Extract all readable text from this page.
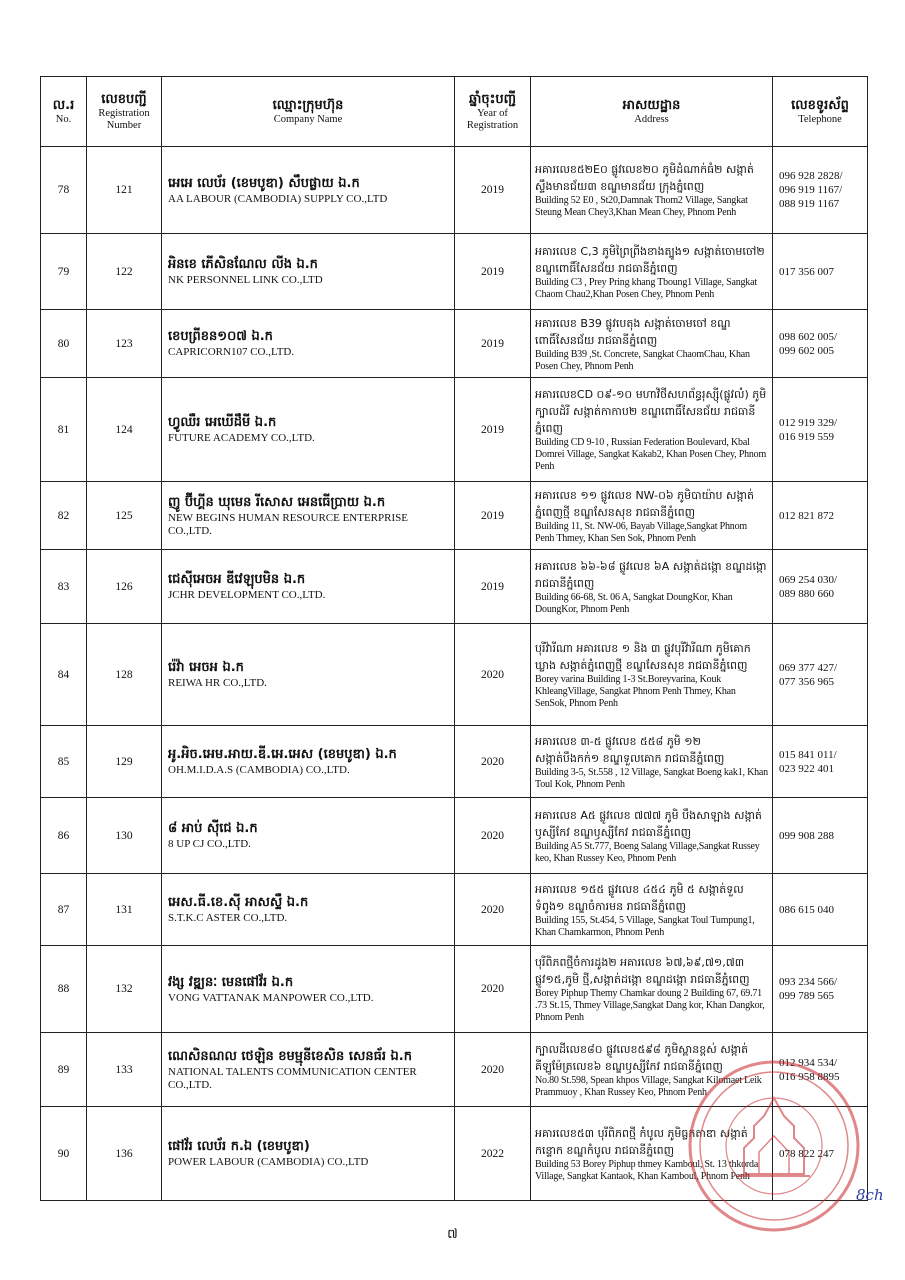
ល.រ
No.	លេខបញ្ជី
Registration Number	ឈ្មោះក្រុមហ៊ុន
Company Name	ឆ្នាំចុះបញ្ជី
Year of Registration	អាសយដ្ឋាន
Address	លេខទូរស័ព្ទ
Telephone

78	121	អេអេ លេប័រ (ខេមបូឌា) សឹបផ្លាយ ឯ.ក
AA LABOUR (CAMBODIA) SUPPLY CO.,LTD	2019	អគារលេខ៥២E០ ផ្លូវលេខ២០ ភូមិដំណាក់ធំ២ សង្កាត់ស្ទឹងមានជ័យ៣ ខណ្ឌមានជ័យ ក្រុងភ្នំពេញ
Building 52 E0 , St20,Damnak Thom2 Village, Sangkat Steung Mean Chey3,Khan Mean Chey, Phnom Penh	096 928 2828/
096 919 1167/
088 919 1167

79	122	អិនខេ ភើសិនណែល លីង ឯ.ក
NK PERSONNEL LINK CO.,LTD	2019	អគារលេខ C,3 ភូមិព្រៃព្រីងខាងត្បូង១ សង្កាត់ចោមចៅ២ ខណ្ឌពោធិ៍សែនជ័យ រាជធានីភ្នំពេញ
Building C3 , Prey Pring khang Tboung1 Village, Sangkat Chaom Chau2,Khan Posen Chey, Phnom Penh	017 356 007

80	123	ខេបព្រីខន១០៧ ឯ.ក
CAPRICORN107 CO.,LTD.	2019	អគារលេខ B39 ផ្លូវបេតុង សង្កាត់ចោមចៅ ខណ្ឌពោធិ៍សែនជ័យ រាជធានីភ្នំពេញ
Building B39 ,St. Concrete, Sangkat ChaomChau, Khan Posen Chey, Phnom Penh	098 602 005/
099 602 005

81	124	ហ្វូឈឺរ អេឃើដឹមី ឯ.ក
FUTURE ACADEMY CO.,LTD.	2019	អគារលេខCD ០៩-១០ មហាវិថីសហព័ន្ធរុស្ស៊ី(ផ្លូវលំ) ភូមិក្បាលដំរី សង្កាត់កាកាប២ ខណ្ឌពោធិ៍សែនជ័យ រាជធានីភ្នំពេញ
Building CD 9-10 , Russian Federation Boulevard, Kbal Domrei Village, Sangkat Kakab2, Khan Posen Chey, Phnom Penh	012 919 329/
016 919 559

82	125	ញូ ប៊ីហ្គីន ឃុមេន រីសោស អេនធើប្រាយ ឯ.ក
NEW BEGINS HUMAN RESOURCE ENTERPRISE CO.,LTD.	2019	អគារលេខ ១១ ផ្លូវលេខ NW-០៦ ភូមិបាយ៉ាប សង្កាត់ភ្នំពេញថ្មី ខណ្ឌសែនសុខ រាជធានីភ្នំពេញ
Building 11, St. NW-06, Bayab Village,Sangkat Phnom Penh Thmey, Khan Sen Sok, Phnom Penh	012 821 872

83	126	ជេស៊ីអេចអ ឌីវេឡុបមិន ឯ.ក
JCHR DEVELOPMENT CO.,LTD.	2019	អគារលេខ ៦៦-៦៨ ផ្លូវលេខ ៦A សង្កាត់ដង្កោ ខណ្ឌដង្កោ រាជធានីភ្នំពេញ
Building 66-68, St. 06 A, Sangkat DoungKor, Khan DoungKor, Phnom Penh	069 254 030/
089 880 660

84	128	រ៉េវ៉ា អេចអ ឯ.ក
REIWA HR CO.,LTD.	2020	បុរីវ៉ារីណា អគារលេខ ១ និង ៣ ផ្លូវបុរីវ៉ារីណា ភូមិគោកឃ្លាង សង្កាត់ភ្នំពេញថ្មី ខណ្ឌសែនសុខ រាជធានីភ្នំពេញ
Borey varina Building 1-3 St.Boreyvarina, Kouk KhleangVillage, Sangkat Phnom Penh Thmey, Khan SenSok, Phnom Penh	069 377 427/
077 356 965

85	129	អូ.អិច.អេម.អាយ.ឌី.អេ.អេស (ខេមបូឌា) ឯ.ក
OH.M.I.D.A.S (CAMBODIA) CO.,LTD.	2020	អគារលេខ ៣-៥ ផ្លូវលេខ ៥៥៨ ភូមិ ១២ សង្កាត់បឹងកក់១ ខណ្ឌទួលគោក រាជធានីភ្នំពេញ
Building 3-5, St.558 , 12 Village, Sangkat Boeng kak1, Khan Toul Kok, Phnom Penh	015 841 011/
023 922 401

86	130	៨ អាប់ ស៊ីជេ ឯ.ក
8 UP CJ CO.,LTD.	2020	អគារលេខ A៥ ផ្លូវលេខ ៧៧៧ ភូមិ បឹងសាឡាង សង្កាត់ឫស្សីកែវ ខណ្ឌឫស្សីកែវ រាជធានីភ្នំពេញ
Building A5 St.777, Boeng Salang Village,Sangkat Russey keo, Khan Russey Keo, Phnom Penh	099 908 288

87	131	អេស.ធី.ខេ.ស៊ី អាសស្ទឺ ឯ.ក
S.T.K.C ASTER CO.,LTD.	2020	អគារលេខ ១៥៥ ផ្លូវលេខ ៤៥៤ ភូមិ ៥ សង្កាត់ទួលទំពូង១ ខណ្ឌចំការមន រាជធានីភ្នំពេញ
Building 155, St.454, 5 Village, Sangkat Toul Tumpung1, Khan Chamkarmon, Phnom Penh	086 615 040

88	132	វង្ស វឌ្ឍនៈ មេនផៅវ័រ ឯ.ក
VONG VATTANAK MANPOWER CO.,LTD.	2020	បុរីពិភពថ្មីចំការដូង២ អគារលេខ ៦៧,៦៩,៧១,៧៣ ផ្លូវ១៥,ភូមិ ថ្មី,សង្កាត់ដង្កោ ខណ្ឌដង្កោ រាជធានីភ្នំពេញ
Borey Piphup Themy Chamkar doung 2 Building 67, 69.71 .73 St.15, Thmey Village,Sangkat Dang kor, Khan Dangkor, Phnom Penh	093 234 566/
099 789 565

89	133	ណេសិនណល ថេឡិន ខមម្មុនីខេសិន សេនធ័រ ឯ.ក
NATIONAL TALENTS COMMUNICATION CENTER CO.,LTD.	2020	ក្បាលដីលេខ៨០ ផ្លូវលេខ៥៩៨ ភូមិស្ពានខ្ពស់ សង្កាត់គីឡូម៉ែត្រលេខ៦ ខណ្ឌឫស្សីកែវ រាជធានីភ្នំពេញ
No.80 St.598, Spean khpos Village, Sangkat Kilomaet Leik Prammuoy , Khan Russey Keo, Phnom Penh	012 934 534/
016 958 8895

90	136	ផៅវ័រ លេប័រ ក.ឯ (ខេមបូឌា)
POWER LABOUR (CAMBODIA) CO.,LTD	2022	អគារលេខ៥៣ បុរីពិភពថ្មី កំបូល ភូមិធ្លកតាឌា សង្កាត់កន្ទោក ខណ្ឌកំបូល រាជធានីភ្នំពេញ
Building 53 Borey Piphup thmey Kamboul, St. 13 thkorda Village, Sangkat Kantaok, Khan Kamboul, Phnom Penh	078 822 247
៧
8ch
